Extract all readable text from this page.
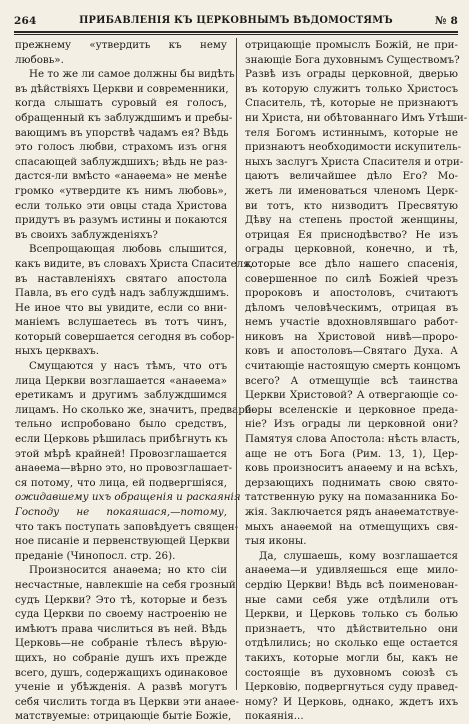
264	ПРИБАВЛЕНІЯ КЪ ЦЕРКОВНЫМЪ ВѢДОМОСТЯМЪ	№ 8
прежнему «утвердить къ нему
любовь».
Не то же ли самое должны бы видѣть
въ дѣйствіяхъ Церкви и современники,
когда слышатъ суровый ея голосъ,
обращенный къ заблуждшимъ и пребы-
вающимъ въ упорствѣ чадамъ ея? Вѣдь
это голосъ любви, страхомъ изъ огня
спасающей заблуждшихъ; вѣдь не раз-
дастся-ли вмѣсто «анаѳема» не менѣе
громко «утвердите къ нимъ любовь»,
если только эти овцы стада Христова
придутъ въ разумъ истины и покаются
въ своихъ заблужденіяхъ?
Всепрощающая любовь слышится,
какъ видите, въ словахъ Христа Спасителя,
въ наставленіяхъ святаго апостола
Павла, въ его судѣ надъ заблуждшимъ.
Не иное что вы увидите, если со вни-
маніемъ вслушаетесь въ тотъ чинъ,
который совершается сегодня въ собор-
ныхъ церквахъ.
Смущаются у насъ тѣмъ, что отъ
лица Церкви возглашается «анаѳема»
еретикамъ и другимъ заблуждшимся
лицамъ. Но сколько же, значитъ, предвари-
тельно испробовано было средствъ,
если Церковь рѣшилась прибѣгнуть къ
этой мѣрѣ крайней! Провозглашается
анаѳема—вѣрно это, но провозглашает-
ся потому, что лица, ей подвергшіяся,
ожидавшему ихъ обращенія и раскаянія
Господу не покаяшася,—потому,
что такъ поступать заповѣдуетъ священ-
ное писаніе и первенствующей Церкви
преданіе (Чинопосл. стр. 26).
Произносится анаѳема; но кто сіи
несчастные, навлекшіе на себя грозный
судъ Церкви? Это тѣ, которые и безъ
суда Церкви по своему настроенію не
имѣютъ права числиться въ ней. Вѣдь
Церковь—не собраніе тѣлесъ вѣрую-
щихъ, но собраніе душъ ихъ прежде
всего, душъ, содержащихъ одинаковое
ученіе и убѣжденія. А развѣ могутъ
себя числить тогда въ Церкви эти анаѳе-
матствуемые: отрицающіе бытіе Божіе,
отрицающіе промыслъ Божій, не при-
знающіе Бога духовнымъ Существомъ?
Развѣ изъ ограды церковной, дверью
въ которую служитъ только Христосъ
Спаситель, тѣ, которые не признаютъ
ни Христа, ни обѣтованнаго Имъ Утѣши-
теля Богомъ истиннымъ, которые не
признаютъ необходимости искупитель-
ныхъ заслугъ Христа Спасителя и отри-
цаютъ величайшее дѣло Его? Мо-
жетъ ли именоваться членомъ Церк-
ви тотъ, кто низводитъ Пресвятую
Дѣву на степень простой женщины,
отрицая Ея приснодѣвство? Не изъ
ограды церковной, конечно, и тѣ,
которые все дѣло нашего спасенія,
совершенное по силѣ Божіей чрезъ
пророковъ и апостоловъ, считаютъ
дѣломъ человѣческимъ, отрицая въ
немъ участіе вдохновлявшаго работ-
никовъ на Христовой нивѣ—проро-
ковъ и апостоловъ—Святаго Духа. А
считающіе настоящую смерть концомъ
всего? А отмещущіе всѣ таинства
Церкви Христовой? А отвергающіе со-
боры вселенскіе и церковное преда-
ніе? Изъ ограды ли церковной они?
Памятуя слова Апостола: нѣсть власть,
аще не отъ Бога (Рим. 13, 1), Цер-
ковь произноситъ анаѳему и на всѣхъ,
дерзающихъ поднимать свою свято-
татственную руку на помазанника Бо-
жія. Заключается рядъ анаѳематствуе-
мыхъ анаѳемой на отмещущихъ свя-
тыя иконы.
Да, слушаешь, кому возглашается
анаѳема—и удивляешься еще мило-
сердію Церкви! Вѣдь всѣ поименован-
ные сами себя уже отдѣлили отъ
Церкви, и Церковь только съ болью
признаетъ, что дѣйствительно они
отдѣлились; но сколько еще остается
такихъ, которые могли бы, какъ не
состоящіе въ духовномъ союзѣ съ
Церковію, подвергнуться суду правед-
ному? И Церковь, однако, ждетъ ихъ
покаянія...
